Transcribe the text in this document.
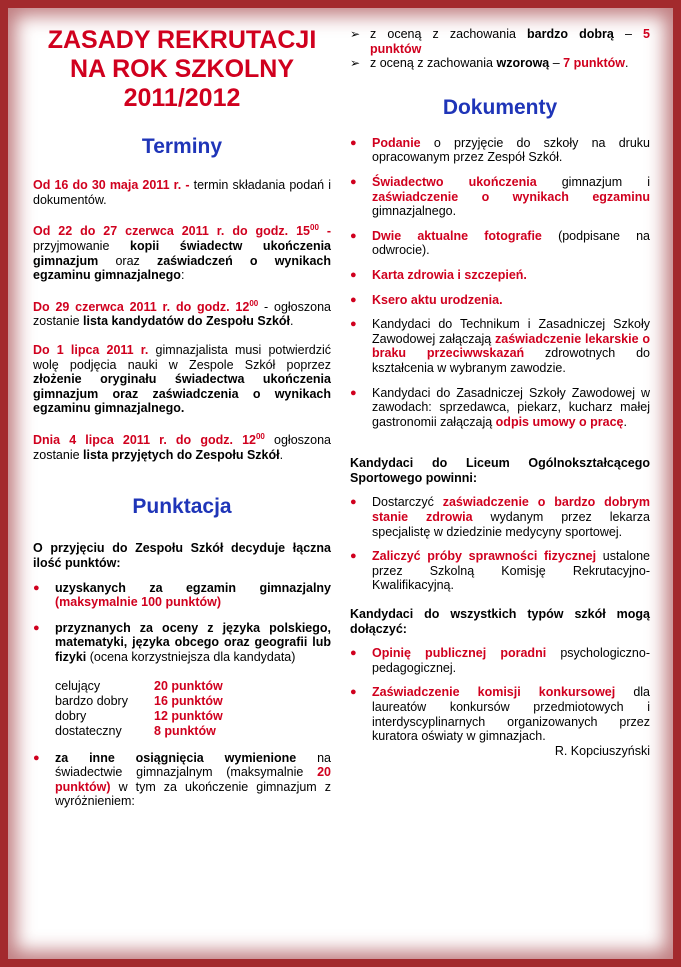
ZASADY REKRUTACJI
NA ROK SZKOLNY
2011/2012
Terminy

Od 16 do 30 maja 2011 r. - termin składania podań i dokumentów.

Od 22 do 27 czerwca 2011 r. do godz. $15^{00}$ - przyjmowanie kopii świadectw ukończenia gimnazjum oraz zaświadczeń o wynikach egzaminu gimnazjalnego:

Do 29 czerwca 2011 r. do godz. $12^{00}$ - ogłoszona zostanie lista kandydatów do Zespołu Szkół.

Do 1 lipca 2011 r. gimnazjalista musi potwierdzić wolę podjęcia nauki w Zespole Szkół poprzez złożenie oryginału świadectwa ukończenia gimnazjum oraz zaświadczenia o wynikach egzaminu gimnazjalnego.

Dnia 4 lipca 2011 r. do godz. $12^{00}$ ogłoszona zostanie lista przyjętych do Zespołu Szkół.

Punktacja

O przyjęciu do Zespołu Szkół decyduje łączna ilość punktów:

● uzyskanych za egzamin gimnazjalny (maksymalnie 100 punktów)
● przyznanych za oceny z języka polskiego, matematyki, języka obcego oraz geografii lub fizyki (ocena korzystniejsza dla kandydata)
celujący	20 punktów
bardzo dobry	16 punktów
dobry	12 punktów
dostateczny	8 punktów
● za inne osiągnięcia wymienione na świadectwie gimnazjalnym (maksymalnie 20 punktów) w tym za ukończenie gimnazjum z wyróżnieniem:
➢ z oceną z zachowania bardzo dobrą – 5 punktów
➢ z oceną z zachowania wzorową – 7 punktów.
Dokumenty
● Podanie o przyjęcie do szkoły na druku opracowanym przez Zespół Szkół.
● Świadectwo ukończenia gimnazjum i zaświadczenie o wynikach egzaminu gimnazjalnego.
● Dwie aktualne fotografie (podpisane na odwrocie).
● Karta zdrowia i szczepień.
● Ksero aktu urodzenia.
● Kandydaci do Technikum i Zasadniczej Szkoły Zawodowej załączają zaświadczenie lekarskie o braku przeciwwskazań zdrowotnych do kształcenia w wybranym zawodzie.
● Kandydaci do Zasadniczej Szkoły Zawodowej w zawodach: sprzedawca, piekarz, kucharz małej gastronomii załączają odpis umowy o pracę.

Kandydaci do Liceum Ogólnokształcącego Sportowego powinni:

● Dostarczyć zaświadczenie o bardzo dobrym stanie zdrowia wydanym przez lekarza specjalistę w dziedzinie medycyny sportowej.
● Zaliczyć próby sprawności fizycznej ustalone przez Szkolną Komisję Rekrutacyjno-Kwalifikacyjną.

Kandydaci do wszystkich typów szkół mogą dołączyć:

● Opinię publicznej poradni psychologiczno-pedagogicznej.
● Zaświadczenie komisji konkursowej dla laureatów konkursów przedmiotowych i interdyscyplinarnych organizowanych przez kuratora oświaty w gimnazjach.
R. Kopciuszyński
